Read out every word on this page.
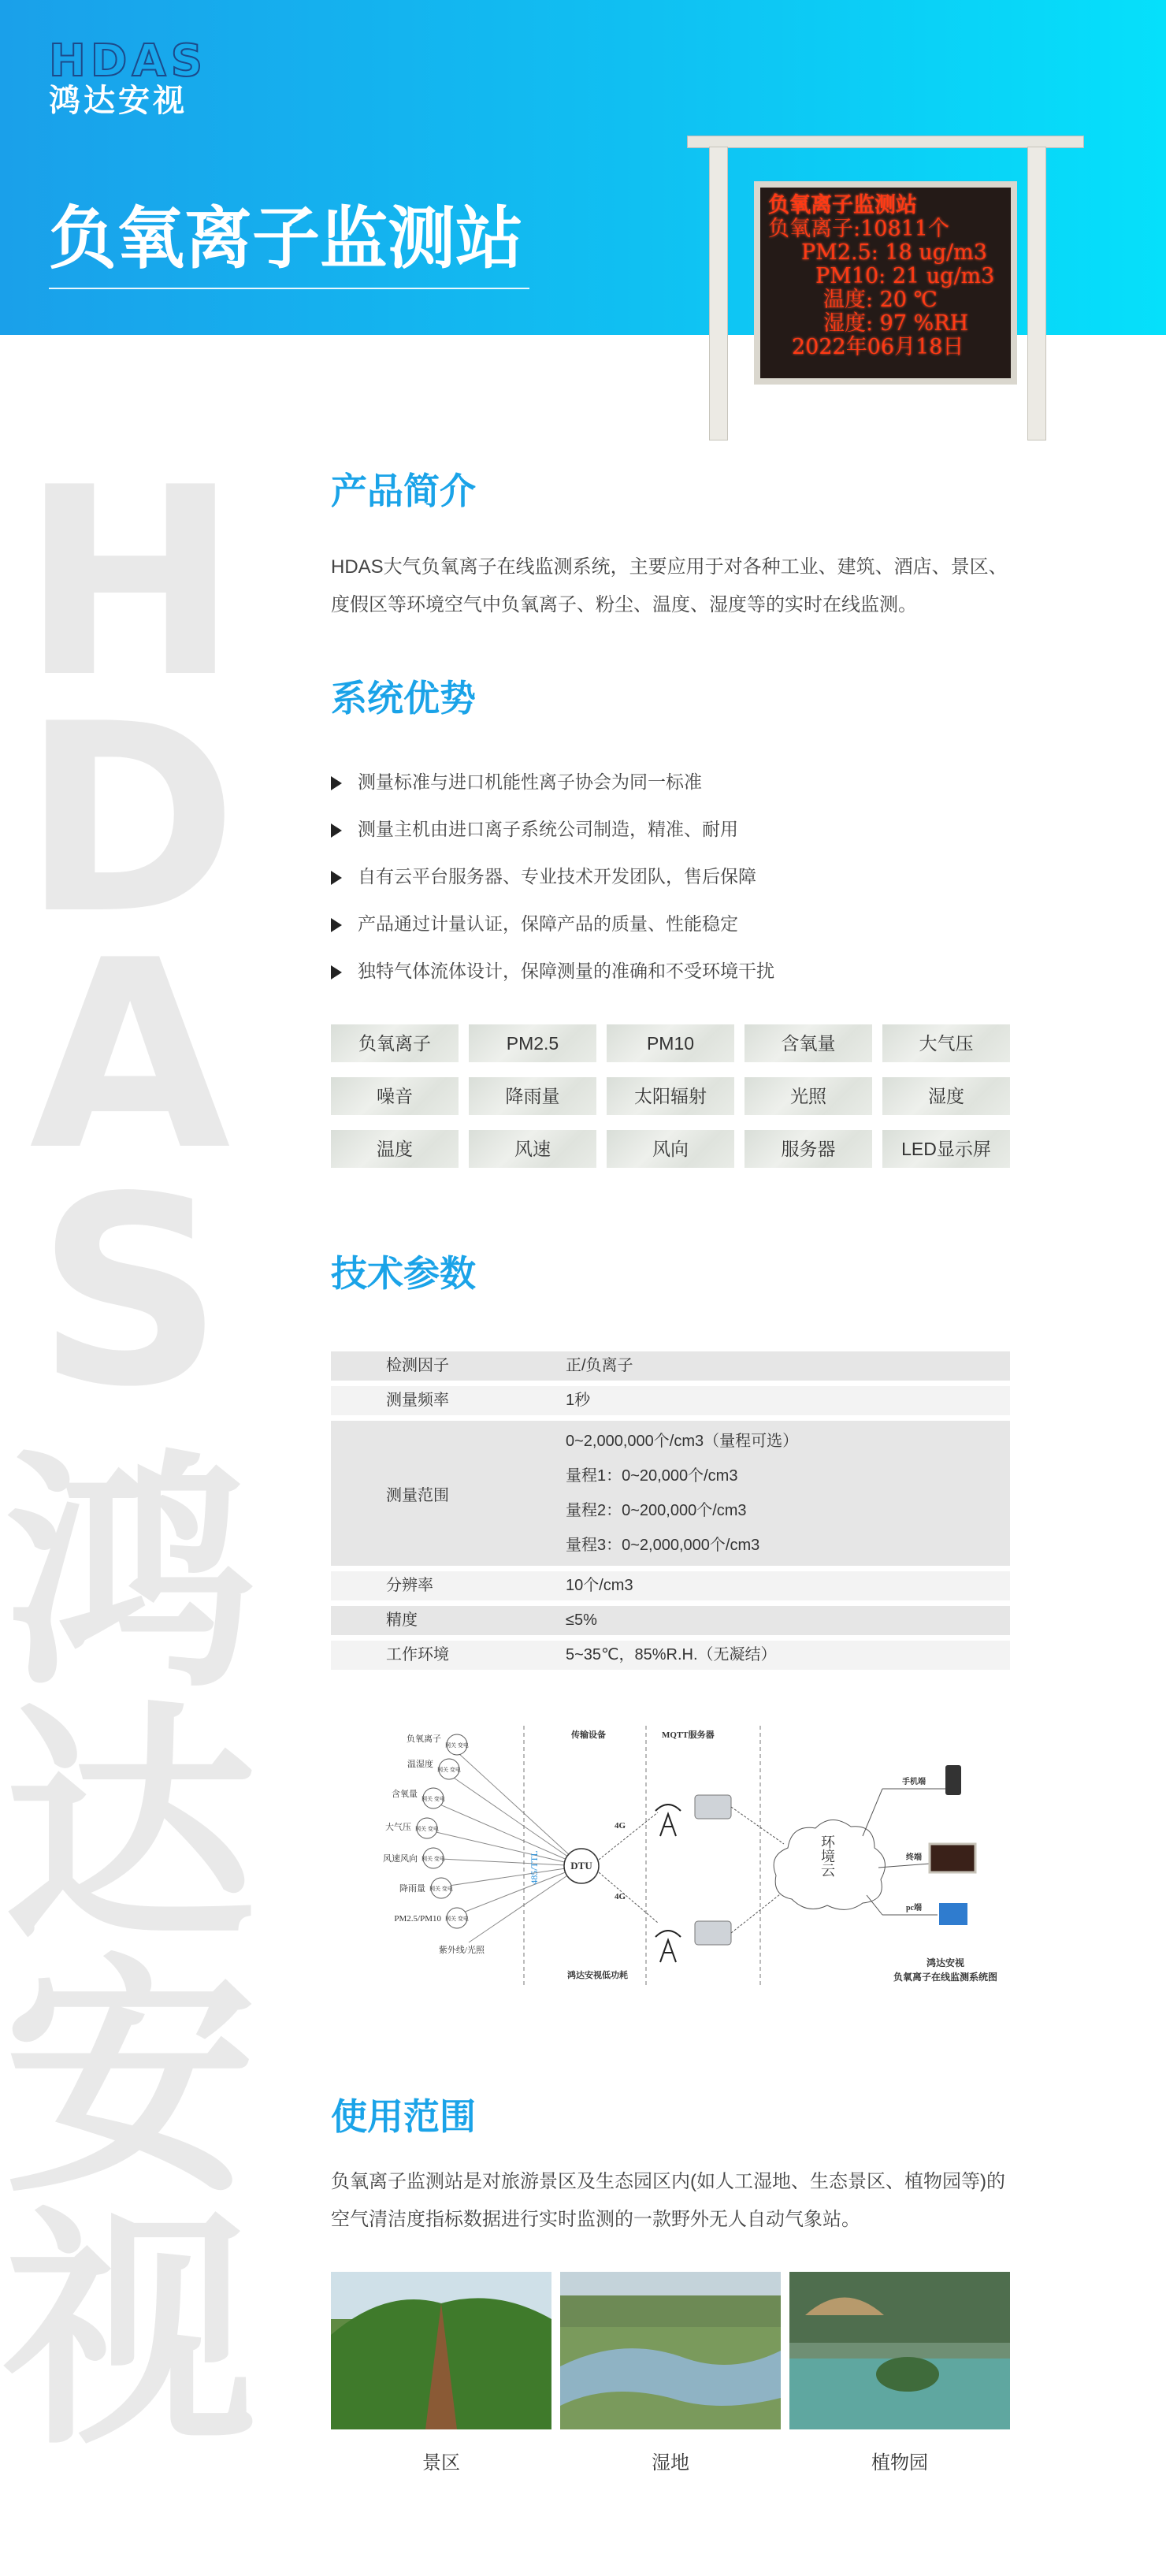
HDAS
鸿达安视
负氧离子监测站	负氧离子监测站
负氧离子:10811个
PM2.5: 18 ug/m3
PM10: 21 ug/m3
温度: 20 ℃
湿度: 97 %RH
2022年06月18日
H
D
A
S
鸿
达
安
视
产品简介
HDAS大气负氧离子在线监测系统，主要应用于对各种工业、建筑、酒店、景区、度假区等环境空气中负氧离子、粉尘、温度、湿度等的实时在线监测。
系统优势
测量标准与进口机能性离子协会为同一标准
测量主机由进口离子系统公司制造，精准、耐用
自有云平台服务器、专业技术开发团队，售后保障
产品通过计量认证，保障产品的质量、性能稳定
独特气体流体设计，保障测量的准确和不受环境干扰
负氧离子	PM2.5	PM10	含氧量	大气压
噪音	降雨量	太阳辐射	光照	湿度
温度	风速	风向	服务器	LED显示屏
技术参数
检测因子	正/负离子
测量频率	1秒
测量范围	0~2,000,000个/cm3（量程可选）
量程1：0~20,000个/cm3
量程2：0~200,000个/cm3
量程3：0~2,000,000个/cm3

分辨率	10个/cm3
精度	≤5%
工作环境	5~35℃，85%R.H.（无凝结）
网关 变电
网关 变电
网关 变电
网关 变电
网关 变电
网关 变电
网关 变电
负氧离子
温湿度
含氧量
大气压
风速风向
降雨量
PM2.5/PM10
紫外线/光照
485/TTL
传输设备	MQTT服务器
DTU
4G
4G
环境云
手机端
终端
pc端
鸿达安视低功耗
鸿达安视
负氧离子在线监测系统图
使用范围
负氧离子监测站是对旅游景区及生态园区内(如人工湿地、生态景区、植物园等)的空气清洁度指标数据进行实时监测的一款野外无人自动气象站。
景区	湿地	植物园
